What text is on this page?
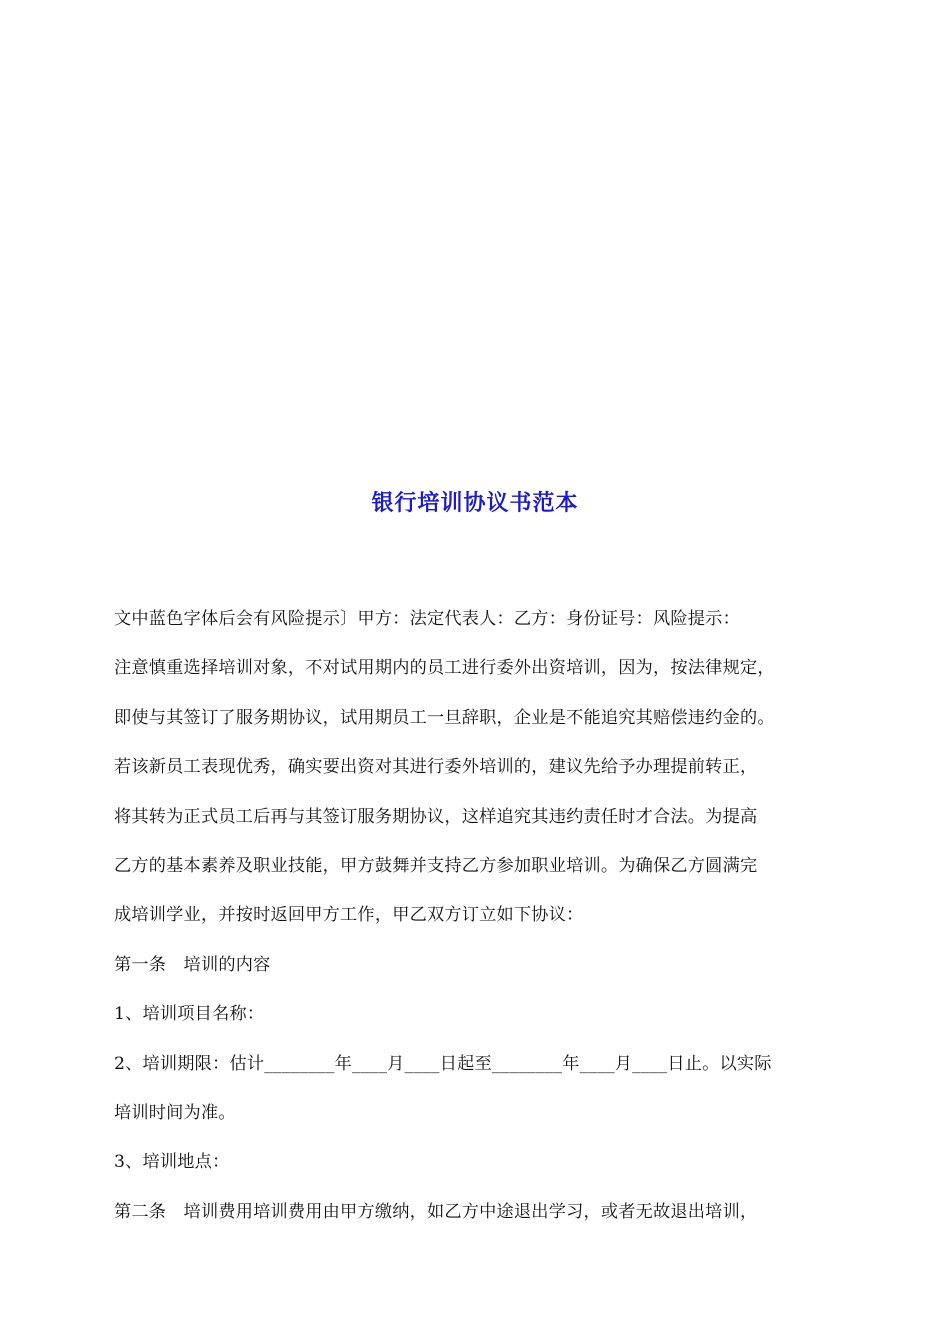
银行培训协议书范本
文中蓝色字体后会有风险提示〕甲方：法定代表人：乙方：身份证号：风险提示：
注意慎重选择培训对象，不对试用期内的员工进行委外出资培训，因为，按法律规定，
即使与其签订了服务期协议，试用期员工一旦辞职，企业是不能追究其赔偿违约金的。
若该新员工表现优秀，确实要出资对其进行委外培训的，建议先给予办理提前转正，
将其转为正式员工后再与其签订服务期协议，这样追究其违约责任时才合法。为提高
乙方的基本素养及职业技能，甲方鼓舞并支持乙方参加职业培训。为确保乙方圆满完
成培训学业，并按时返回甲方工作，甲乙双方订立如下协议：
第一条　培训的内容
1、培训项目名称：
2、培训期限：估计________年____月____日起至________年____月____日止。以实际
培训时间为准。
3、培训地点：
第二条　培训费用培训费用由甲方缴纳，如乙方中途退出学习，或者无故退出培训，
